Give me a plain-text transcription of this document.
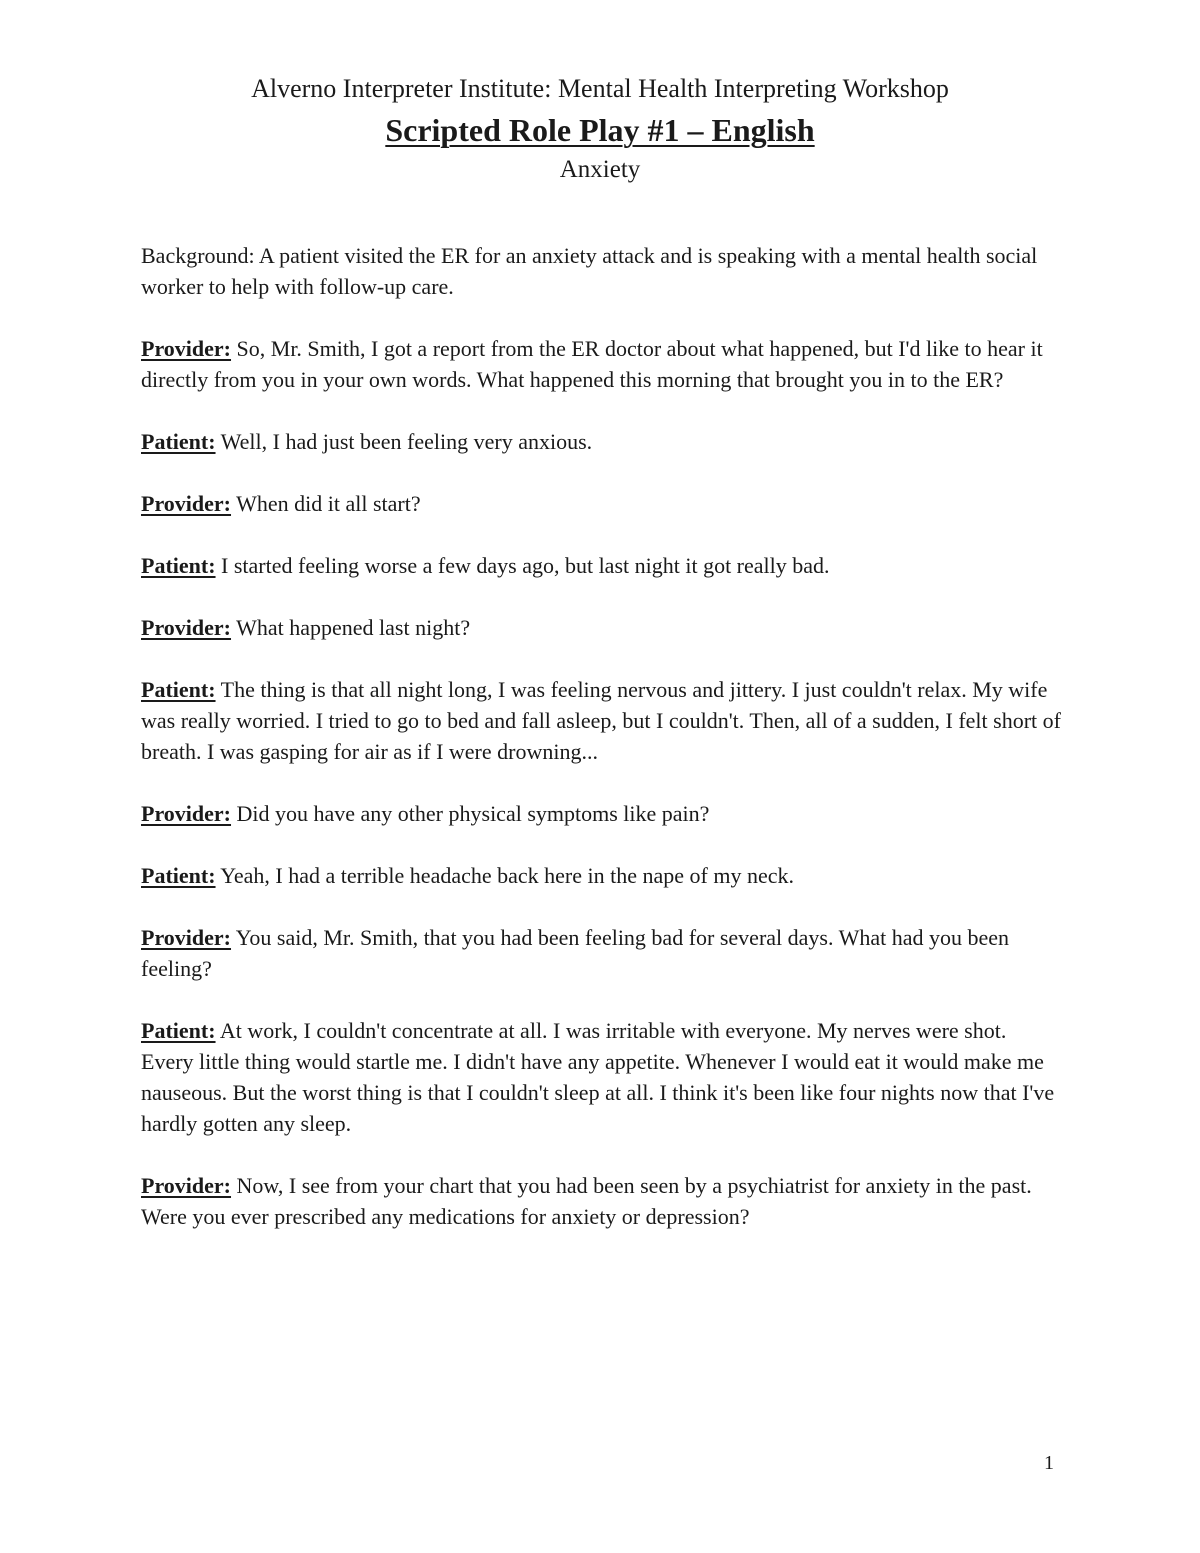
Alverno Interpreter Institute: Mental Health Interpreting Workshop

Scripted Role Play #1 – English

Anxiety

Background: A patient visited the ER for an anxiety attack and is speaking with a mental health social worker to help with follow-up care.

Provider: So, Mr. Smith, I got a report from the ER doctor about what happened, but I'd like to hear it directly from you in your own words. What happened this morning that brought you in to the ER?

Patient: Well, I had just been feeling very anxious.

Provider: When did it all start?

Patient: I started feeling worse a few days ago, but last night it got really bad.

Provider: What happened last night?

Patient: The thing is that all night long, I was feeling nervous and jittery. I just couldn't relax. My wife was really worried. I tried to go to bed and fall asleep, but I couldn't. Then, all of a sudden, I felt short of breath. I was gasping for air as if I were drowning...

Provider: Did you have any other physical symptoms like pain?

Patient: Yeah, I had a terrible headache back here in the nape of my neck.

Provider: You said, Mr. Smith, that you had been feeling bad for several days. What had you been feeling?

Patient: At work, I couldn't concentrate at all. I was irritable with everyone. My nerves were shot. Every little thing would startle me. I didn't have any appetite. Whenever I would eat it would make me nauseous. But the worst thing is that I couldn't sleep at all. I think it's been like four nights now that I've hardly gotten any sleep.

Provider: Now, I see from your chart that you had been seen by a psychiatrist for anxiety in the past. Were you ever prescribed any medications for anxiety or depression?

1
